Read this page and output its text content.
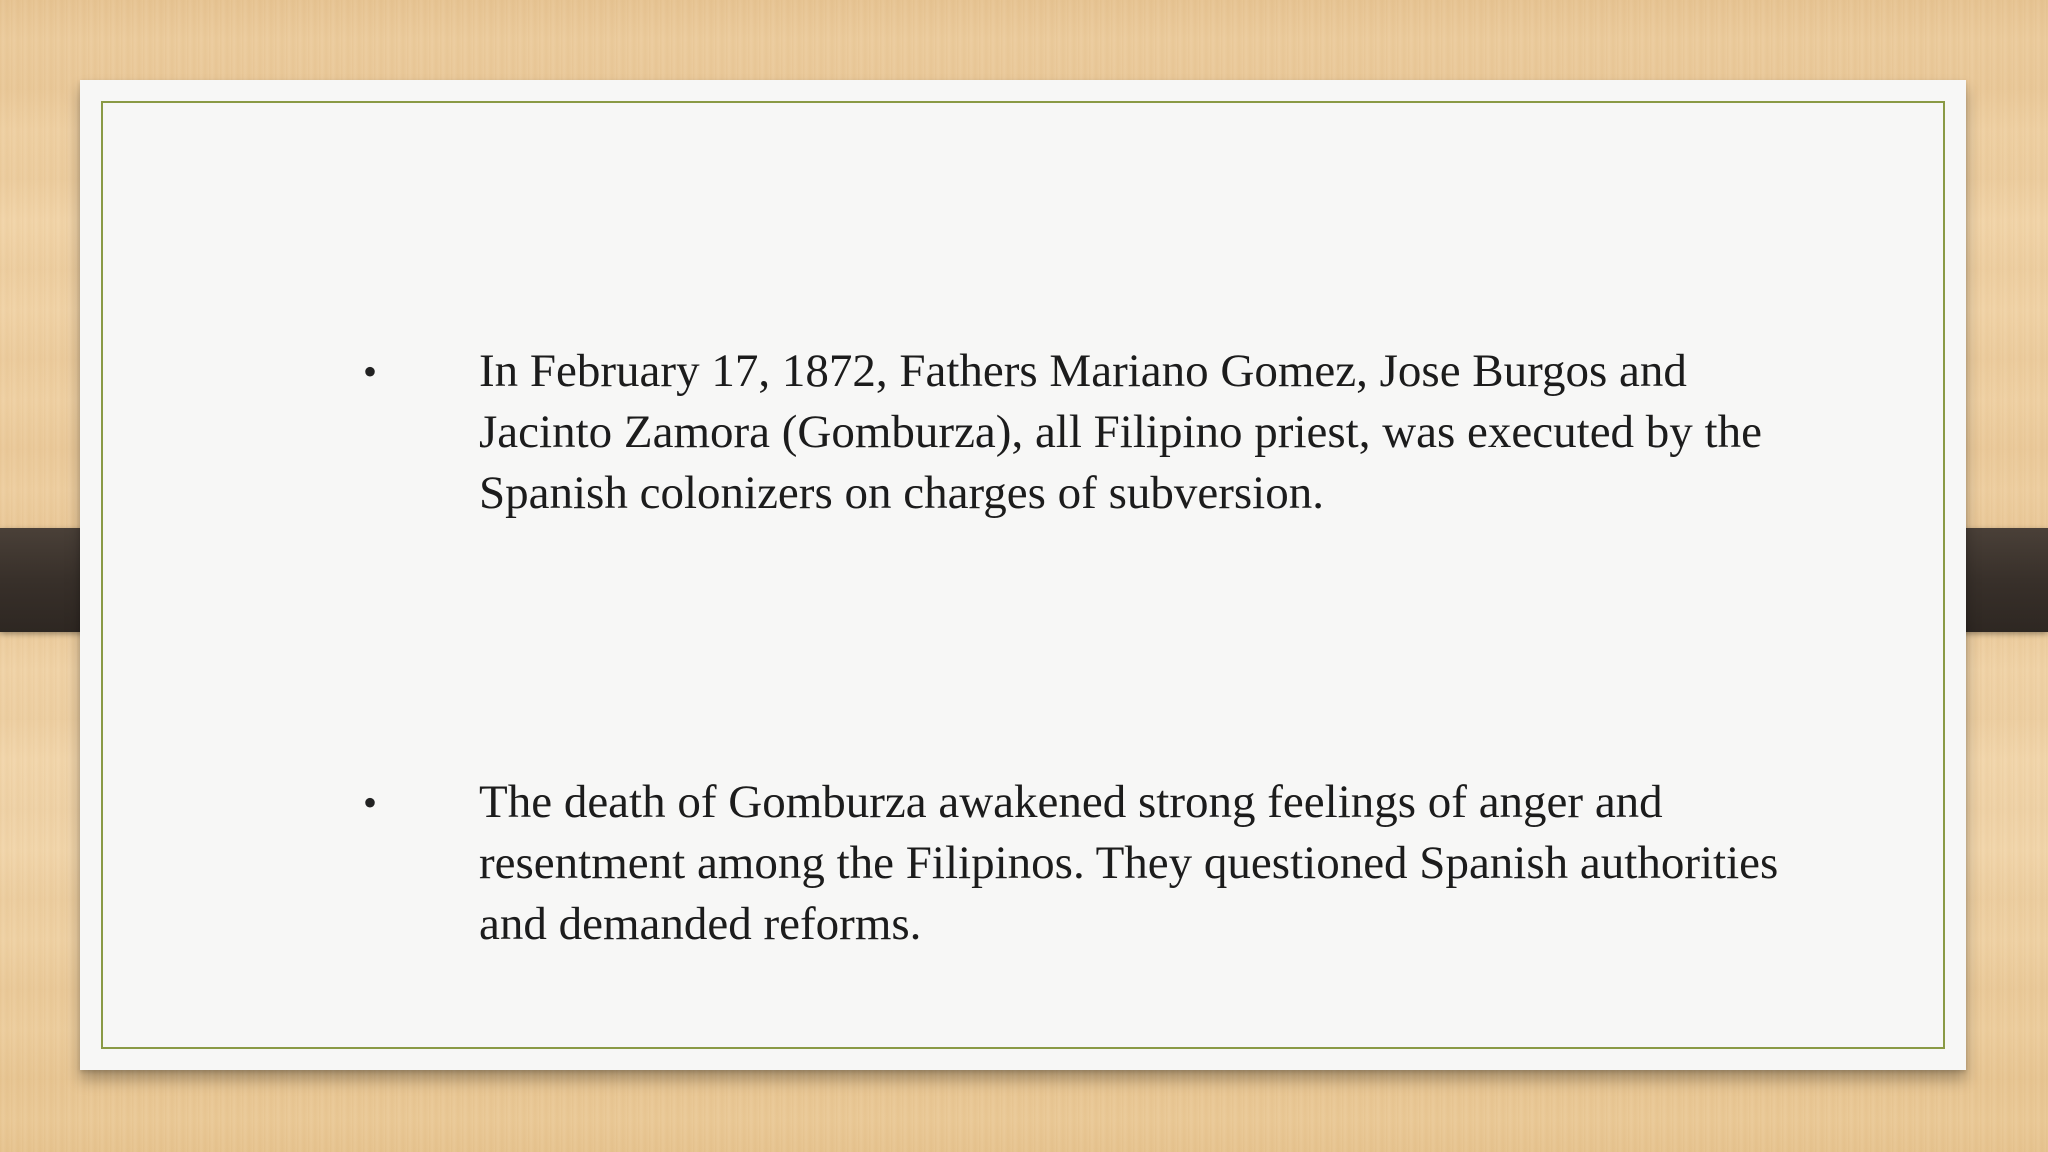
• In February 17, 1872, Fathers Mariano Gomez, Jose Burgos and Jacinto Zamora (Gomburza), all Filipino priest, was executed by the Spanish colonizers on charges of subversion.
• The death of Gomburza awakened strong feelings of anger and resentment among the Filipinos. They questioned Spanish authorities and demanded reforms.
